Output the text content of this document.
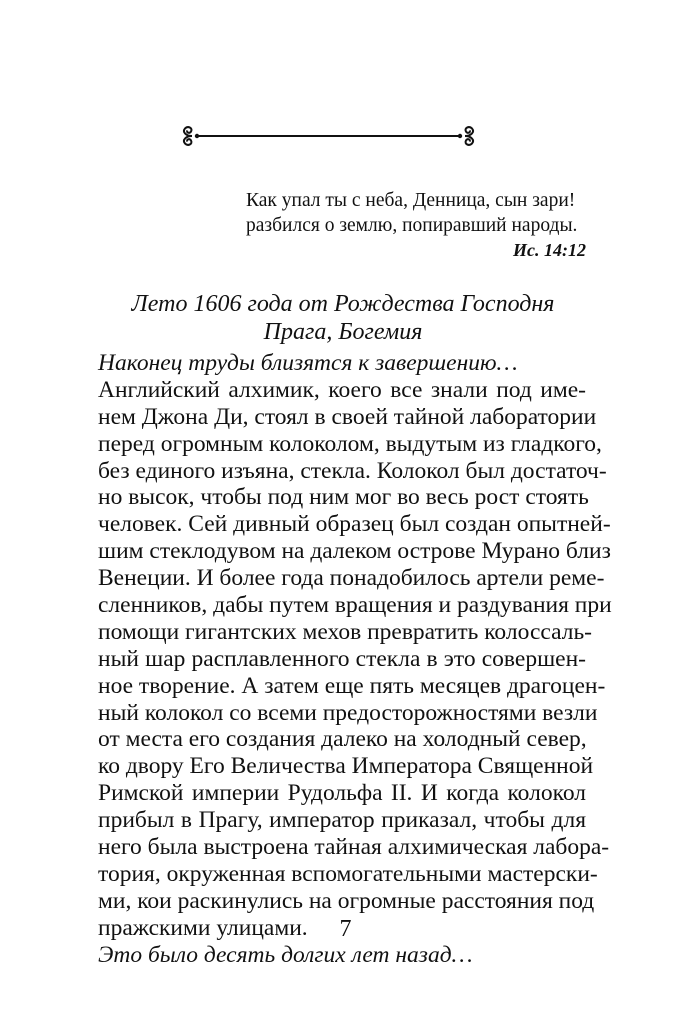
Как упал ты с неба, Денница, сын зари!
разбился о землю, попиравший народы.
Ис. 14:12
Лето 1606 года от Рождества Господня
Прага, Богемия
Наконец труды близятся к завершению…
Английский алхимик, коего все знали под име-
нем Джона Ди, стоял в своей тайной лаборатории
перед огромным колоколом, выдутым из гладкого,
без единого изъяна, стекла. Колокол был достаточ-
но высок, чтобы под ним мог во весь рост стоять
человек. Сей дивный образец был создан опытней-
шим стеклодувом на далеком острове Мурано близ
Венеции. И более года понадобилось артели реме-
сленников, дабы путем вращения и раздувания при
помощи гигантских мехов превратить колоссаль-
ный шар расплавленного стекла в это совершен-
ное творение. А затем еще пять месяцев драгоцен-
ный колокол со всеми предосторожностями везли
от места его создания далеко на холодный север,
ко двору Его Величества Императора Священной
Римской империи Рудольфа II. И когда колокол
прибыл в Прагу, император приказал, чтобы для
него была выстроена тайная алхимическая лабора-
тория, окруженная вспомогательными мастерски-
ми, кои раскинулись на огромные расстояния под
пражскими улицами.
Это было десять долгих лет назад…
7
